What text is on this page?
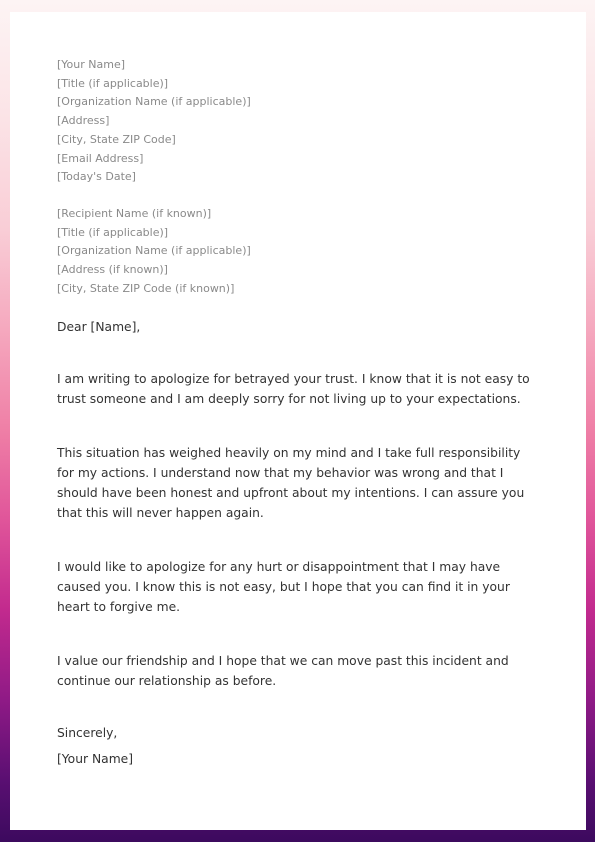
[Your Name]
[Title (if applicable)]
[Organization Name (if applicable)]
[Address]
[City, State ZIP Code]
[Email Address]
[Today's Date]
[Recipient Name (if known)]
[Title (if applicable)]
[Organization Name (if applicable)]
[Address (if known)]
[City, State ZIP Code (if known)]
Dear [Name],

I am writing to apologize for betrayed your trust. I know that it is not easy to trust someone and I am deeply sorry for not living up to your expectations.

This situation has weighed heavily on my mind and I take full responsibility for my actions. I understand now that my behavior was wrong and that I should have been honest and upfront about my intentions. I can assure you that this will never happen again.

I would like to apologize for any hurt or disappointment that I may have caused you. I know this is not easy, but I hope that you can find it in your heart to forgive me.

I value our friendship and I hope that we can move past this incident and continue our relationship as before.

Sincerely,
[Your Name]
